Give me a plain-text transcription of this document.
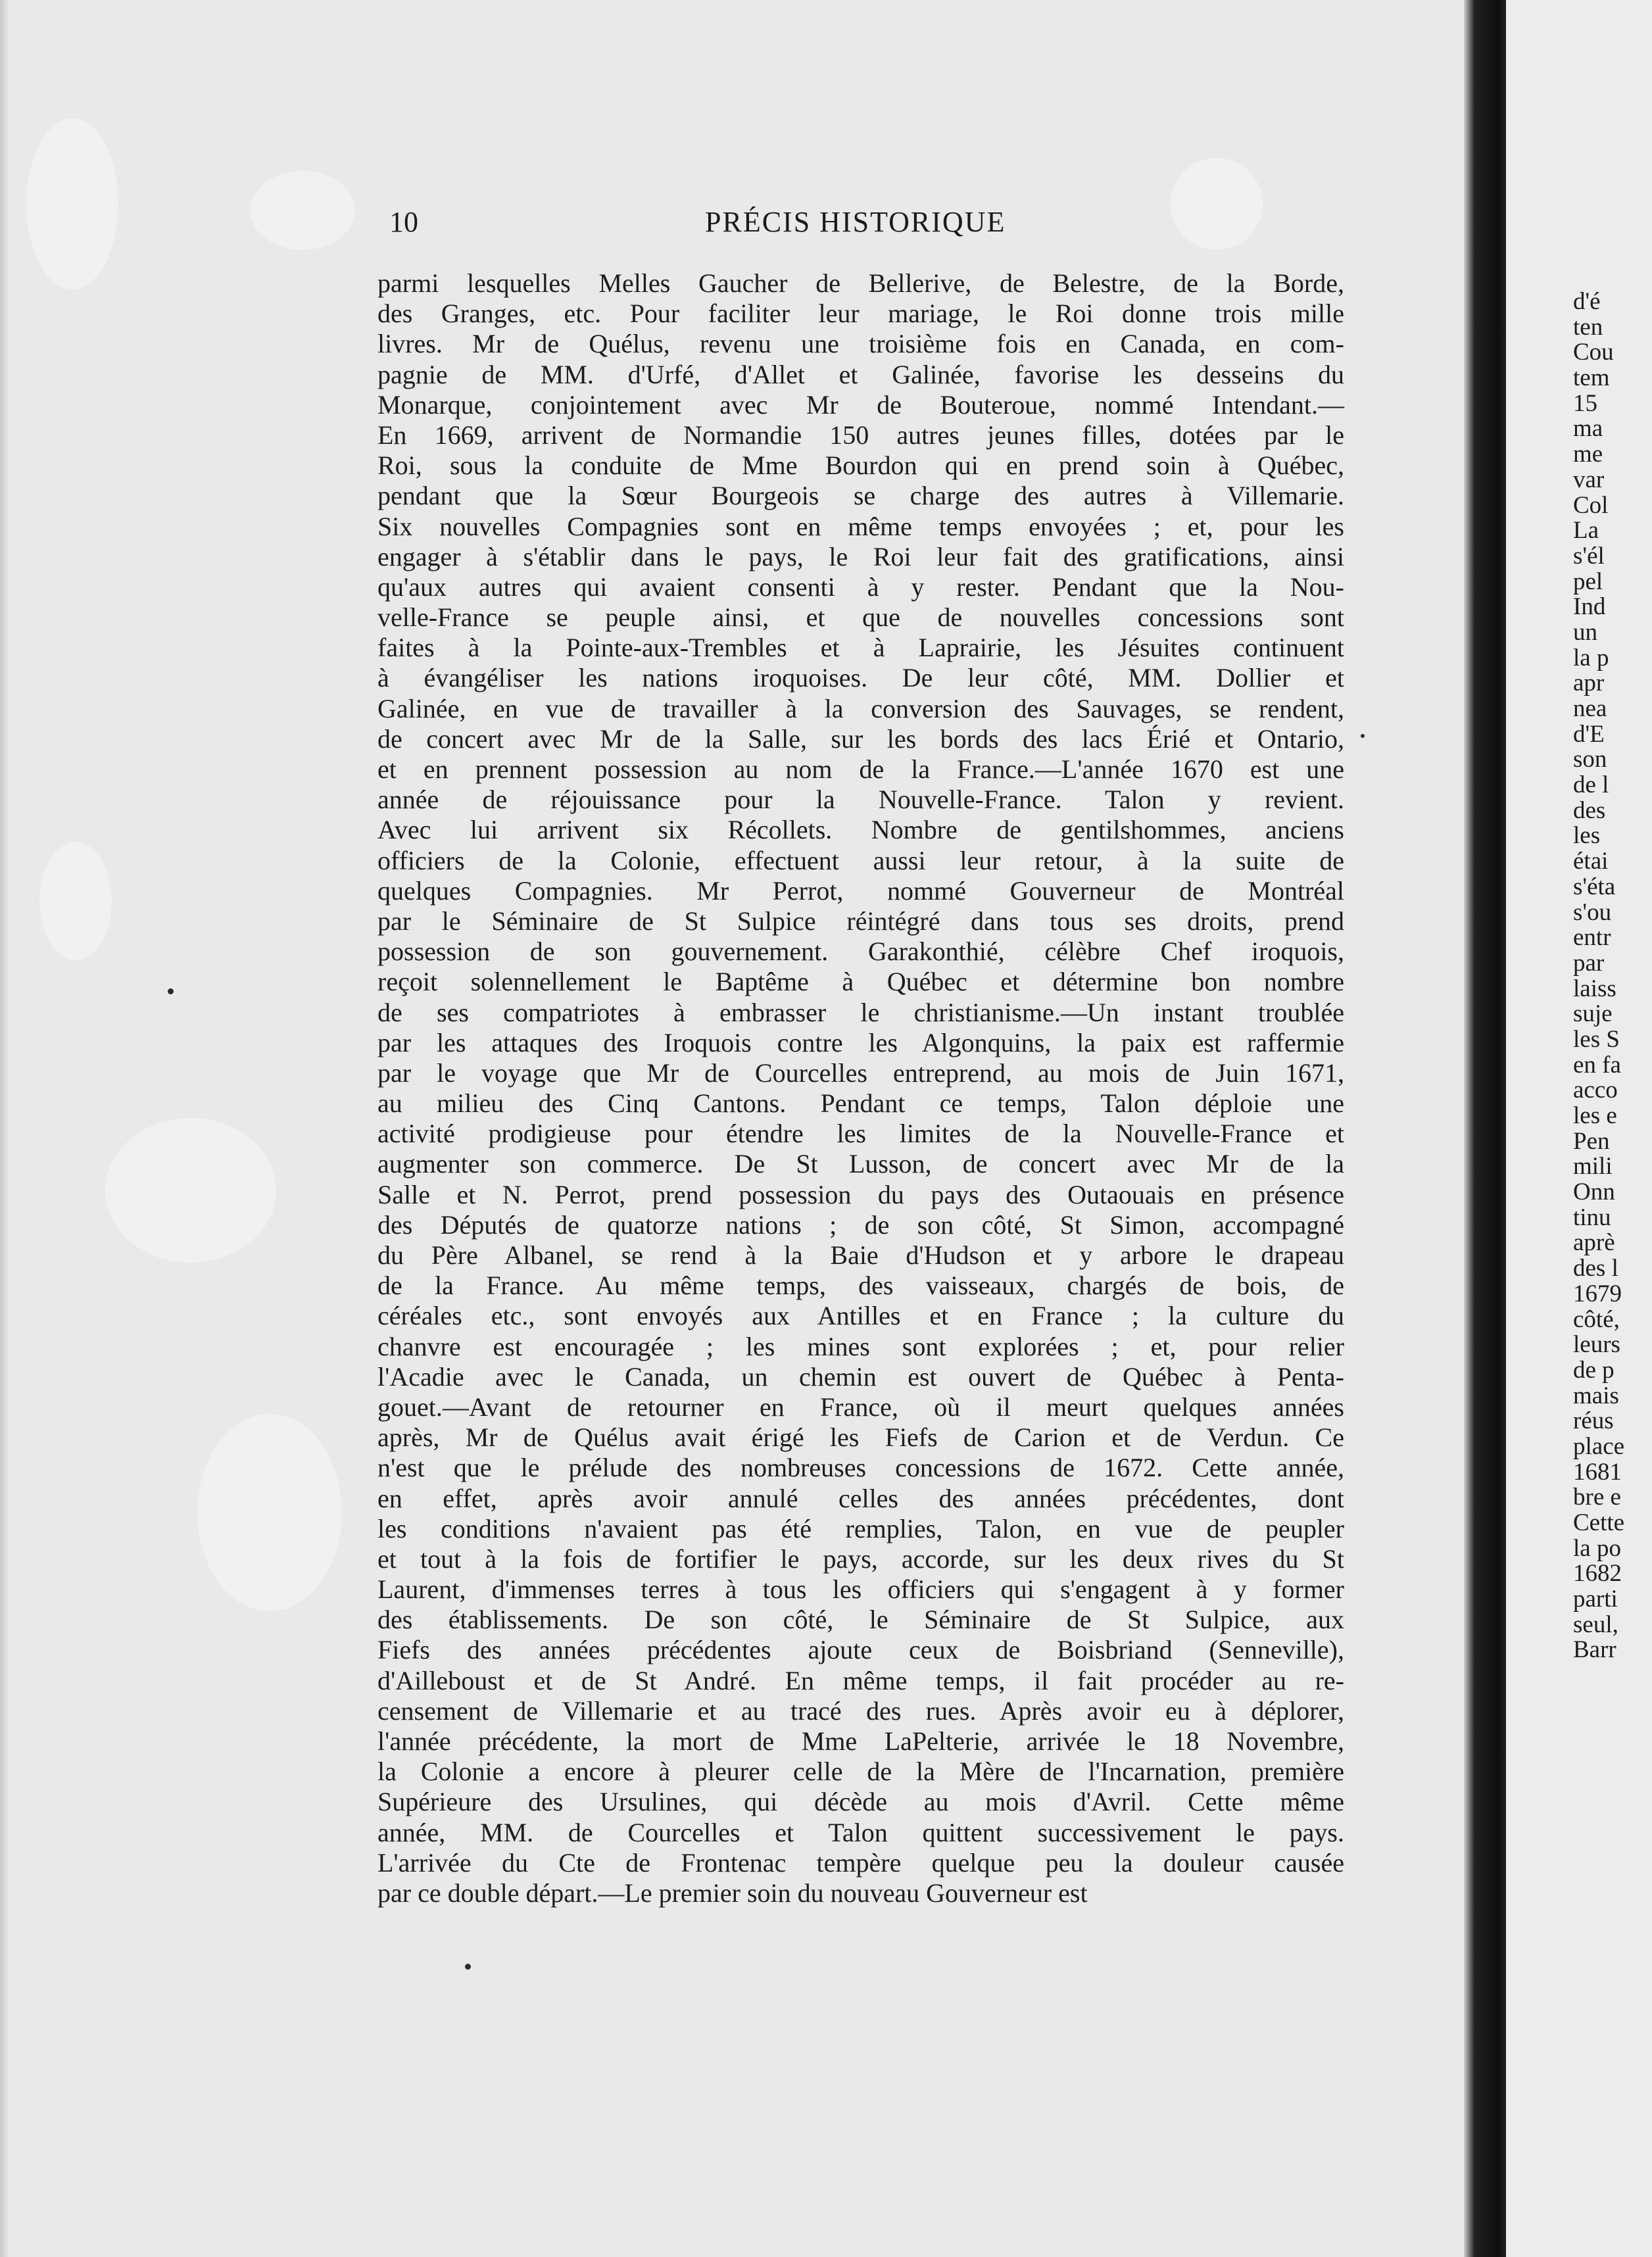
10	PRÉCIS HISTORIQUE
parmi lesquelles Melles Gaucher de Bellerive, de Belestre, de la Borde,
des Granges, etc. Pour faciliter leur mariage, le Roi donne trois mille
livres. Mr de Quélus, revenu une troisième fois en Canada, en com-
pagnie de MM. d'Urfé, d'Allet et Galinée, favorise les desseins du
Monarque, conjointement avec Mr de Bouteroue, nommé Intendant.—
En 1669, arrivent de Normandie 150 autres jeunes filles, dotées par le
Roi, sous la conduite de Mme Bourdon qui en prend soin à Québec,
pendant que la Sœur Bourgeois se charge des autres à Villemarie.
Six nouvelles Compagnies sont en même temps envoyées ; et, pour les
engager à s'établir dans le pays, le Roi leur fait des gratifications, ainsi
qu'aux autres qui avaient consenti à y rester. Pendant que la Nou-
velle-France se peuple ainsi, et que de nouvelles concessions sont
faites à la Pointe-aux-Trembles et à Laprairie, les Jésuites continuent
à évangéliser les nations iroquoises. De leur côté, MM. Dollier et
Galinée, en vue de travailler à la conversion des Sauvages, se rendent,
de concert avec Mr de la Salle, sur les bords des lacs Érié et Ontario,
et en prennent possession au nom de la France.—L'année 1670 est une
année de réjouissance pour la Nouvelle-France. Talon y revient.
Avec lui arrivent six Récollets. Nombre de gentilshommes, anciens
officiers de la Colonie, effectuent aussi leur retour, à la suite de
quelques Compagnies. Mr Perrot, nommé Gouverneur de Montréal
par le Séminaire de St Sulpice réintégré dans tous ses droits, prend
possession de son gouvernement. Garakonthié, célèbre Chef iroquois,
reçoit solennellement le Baptême à Québec et détermine bon nombre
de ses compatriotes à embrasser le christianisme.—Un instant troublée
par les attaques des Iroquois contre les Algonquins, la paix est raffermie
par le voyage que Mr de Courcelles entreprend, au mois de Juin 1671,
au milieu des Cinq Cantons. Pendant ce temps, Talon déploie une
activité prodigieuse pour étendre les limites de la Nouvelle-France et
augmenter son commerce. De St Lusson, de concert avec Mr de la
Salle et N. Perrot, prend possession du pays des Outaouais en présence
des Députés de quatorze nations ; de son côté, St Simon, accompagné
du Père Albanel, se rend à la Baie d'Hudson et y arbore le drapeau
de la France. Au même temps, des vaisseaux, chargés de bois, de
céréales etc., sont envoyés aux Antilles et en France ; la culture du
chanvre est encouragée ; les mines sont explorées ; et, pour relier
l'Acadie avec le Canada, un chemin est ouvert de Québec à Penta-
gouet.—Avant de retourner en France, où il meurt quelques années
après, Mr de Quélus avait érigé les Fiefs de Carion et de Verdun. Ce
n'est que le prélude des nombreuses concessions de 1672. Cette année,
en effet, après avoir annulé celles des années précédentes, dont
les conditions n'avaient pas été remplies, Talon, en vue de peupler
et tout à la fois de fortifier le pays, accorde, sur les deux rives du St
Laurent, d'immenses terres à tous les officiers qui s'engagent à y former
des établissements. De son côté, le Séminaire de St Sulpice, aux
Fiefs des années précédentes ajoute ceux de Boisbriand (Senneville),
d'Ailleboust et de St André. En même temps, il fait procéder au re-
censement de Villemarie et au tracé des rues. Après avoir eu à déplorer,
l'année précédente, la mort de Mme LaPelterie, arrivée le 18 Novembre,
la Colonie a encore à pleurer celle de la Mère de l'Incarnation, première
Supérieure des Ursulines, qui décède au mois d'Avril. Cette même
année, MM. de Courcelles et Talon quittent successivement le pays.
L'arrivée du Cte de Frontenac tempère quelque peu la douleur causée
par ce double départ.—Le premier soin du nouveau Gouverneur est
d'é
ten
Cou
tem
15
ma
me
var
Col
La
s'él
pel
Ind
un
la p
apr
nea
d'E
son
de l
des
les
étai
s'éta
s'ou
entr
par
laiss
suje
les S
en fa
acco
les e
Pen
mili
Onn
tinu
aprè
des l
1679
côté,
leurs
de p
mais
réus
place
1681
bre e
Cette
la po
1682
parti
seul,
Barr
